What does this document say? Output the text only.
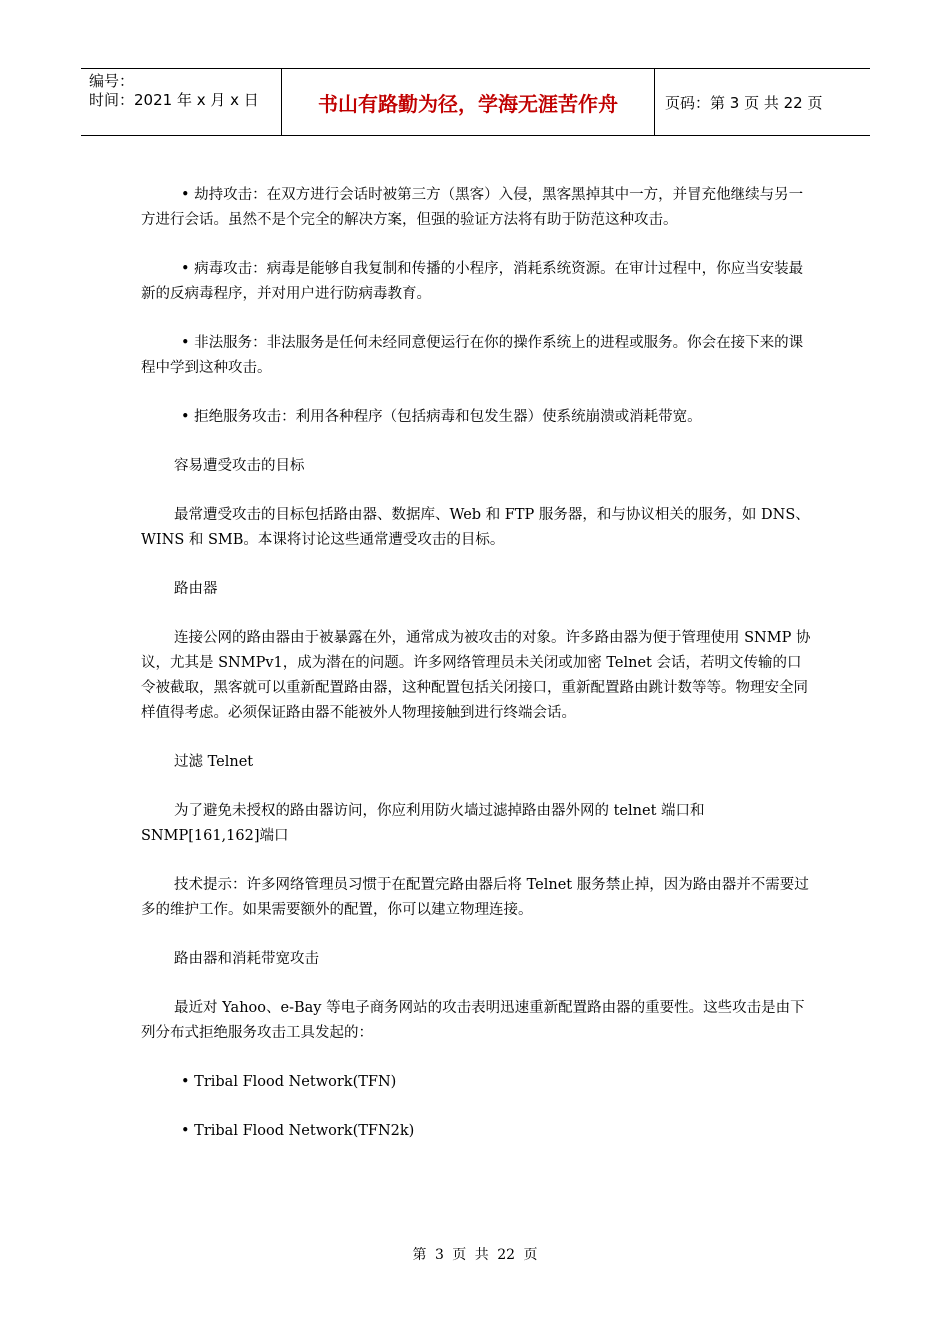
编号：
时间：2021 年 x 月 x 日	书山有路勤为径，学海无涯苦作舟	页码：第 3 页 共 22 页

• 劫持攻击：在双方进行会话时被第三方（黑客）入侵，黑客黑掉其中一方，并冒充他继续与另一方进行会话。虽然不是个完全的解决方案，但强的验证方法将有助于防范这种攻击。

• 病毒攻击：病毒是能够自我复制和传播的小程序，消耗系统资源。在审计过程中，你应当安装最新的反病毒程序，并对用户进行防病毒教育。

• 非法服务：非法服务是任何未经同意便运行在你的操作系统上的进程或服务。你会在接下来的课程中学到这种攻击。

• 拒绝服务攻击：利用各种程序（包括病毒和包发生器）使系统崩溃或消耗带宽。

容易遭受攻击的目标

最常遭受攻击的目标包括路由器、数据库、Web 和 FTP 服务器，和与协议相关的服务，如 DNS、WINS 和 SMB。本课将讨论这些通常遭受攻击的目标。

路由器

连接公网的路由器由于被暴露在外，通常成为被攻击的对象。许多路由器为便于管理使用 SNMP 协议，尤其是 SNMPv1，成为潜在的问题。许多网络管理员未关闭或加密 Telnet 会话，若明文传输的口令被截取，黑客就可以重新配置路由器，这种配置包括关闭接口，重新配置路由跳计数等等。物理安全同样值得考虑。必须保证路由器不能被外人物理接触到进行终端会话。

过滤 Telnet

为了避免未授权的路由器访问，你应利用防火墙过滤掉路由器外网的 telnet 端口和 SNMP[161,162]端口

技术提示：许多网络管理员习惯于在配置完路由器后将 Telnet 服务禁止掉，因为路由器并不需要过多的维护工作。如果需要额外的配置，你可以建立物理连接。

路由器和消耗带宽攻击

最近对 Yahoo、e-Bay 等电子商务网站的攻击表明迅速重新配置路由器的重要性。这些攻击是由下列分布式拒绝服务攻击工具发起的：

• Tribal Flood Network(TFN)

• Tribal Flood Network(TFN2k)

第 3 页 共 22 页
